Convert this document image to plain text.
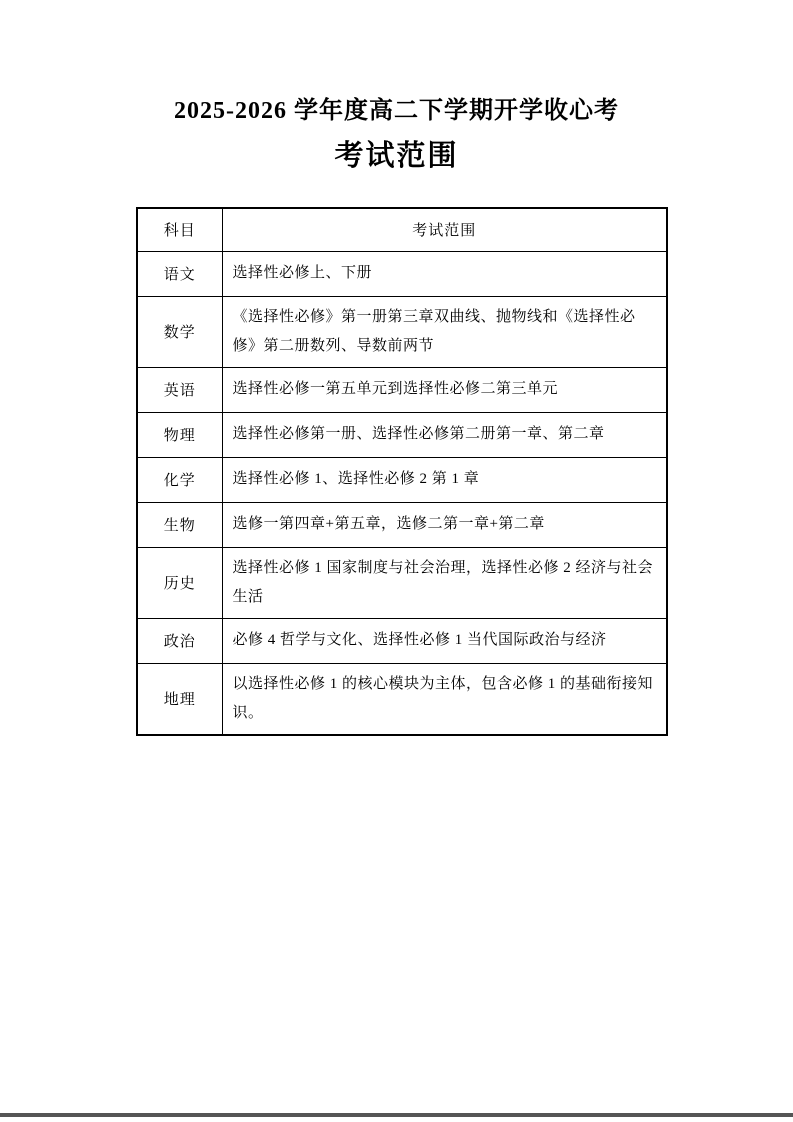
2025-2026 学年度高二下学期开学收心考
考试范围
科目	考试范围
语文	选择性必修上、下册
数学	《选择性必修》第一册第三章双曲线、抛物线和《选择性必修》第二册数列、导数前两节
英语	选择性必修一第五单元到选择性必修二第三单元
物理	选择性必修第一册、选择性必修第二册第一章、第二章
化学	选择性必修 1、选择性必修 2 第 1 章
生物	选修一第四章+第五章，选修二第一章+第二章
历史	选择性必修 1 国家制度与社会治理，选择性必修 2 经济与社会生活
政治	必修 4 哲学与文化、选择性必修 1 当代国际政治与经济
地理	以选择性必修 1 的核心模块为主体，包含必修 1 的基础衔接知识。
